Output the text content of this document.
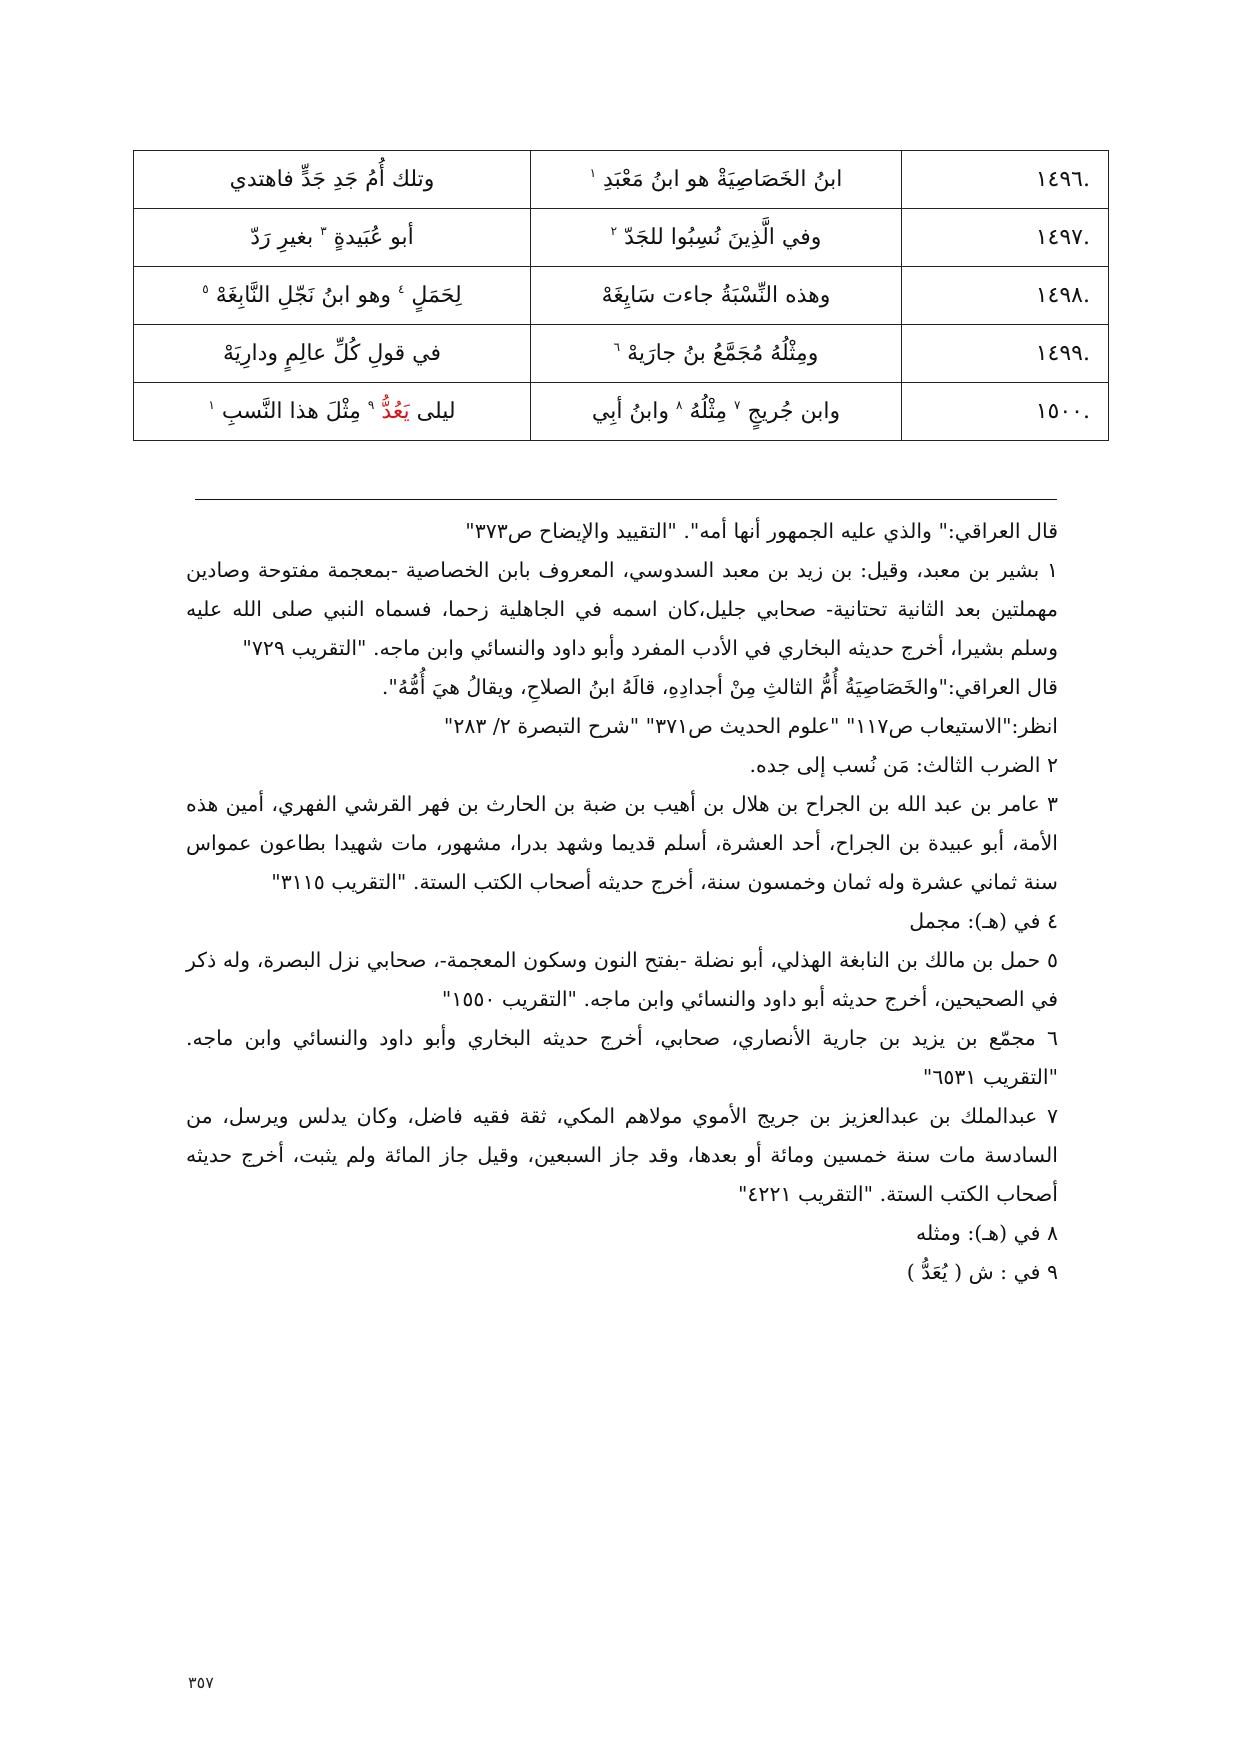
.١٤٩٦	ابنُ الخَصَاصِيَةْ هو ابنُ مَعْبَدِ $^١$	وتلك أُمُ جَدِ جَدٍّ فاهتدي
.١٤٩٧	وفي الَّذِينَ نُسِبُوا للجَدّ $^٢$	أبو عُبَيدةٍ $^٣$ بغيرِ رَدّ
.١٤٩٨	وهذه النِّسْبَةُ جاءت سَايِغَهْ	لِحَمَلٍ $^٤$ وهو ابنُ نَجّلِ النَّابِغَهْ $^٥$
.١٤٩٩	ومِثْلُهُ مُجَمَّعُ بنُ جارَيهْ $^٦$	في قولِ كُلِّ عالِمٍ ودارِيَهْ
.١٥٠٠	وابن جُريجٍ $^٧$ مِثْلُهُ $^٨$ وابنُ أبِي	ليلى يَعُدُّ $^٩$ مِثْلَ هذا النَّسبِ $^١$

قال العراقي:" والذي عليه الجمهور أنها أمه". "التقييد والإيضاح ص٣٧٣"

١ بشير بن معبد، وقيل: بن زيد بن معبد السدوسي، المعروف بابن الخصاصية -بمعجمة مفتوحة وصادين مهملتين بعد الثانية تحتانية- صحابي جليل،كان اسمه في الجاهلية زحما، فسماه النبي صلى الله عليه وسلم بشيرا، أخرج حديثه البخاري في الأدب المفرد وأبو داود والنسائي وابن ماجه. "التقريب ٧٢٩"

قال العراقي:"والخَصَاصِيَةُ أُمُّ الثالثِ مِنْ أجدادِهِ، قالَهُ ابنُ الصلاحِ، ويقالُ هيَ أُمُّهُ".

انظر:"الاستيعاب ص١١٧" "علوم الحديث ص٣٧١" "شرح التبصرة ٢/ ٢٨٣"

٢ الضرب الثالث: مَن نُسب إلى جده.

٣ عامر بن عبد الله بن الجراح بن هلال بن أهيب بن ضبة بن الحارث بن فهر القرشي الفهري، أمين هذه الأمة، أبو عبيدة بن الجراح، أحد العشرة، أسلم قديما وشهد بدرا، مشهور، مات شهيدا بطاعون عمواس سنة ثماني عشرة وله ثمان وخمسون سنة، أخرج حديثه أصحاب الكتب الستة. "التقريب ٣١١٥"

٤ في (هـ): مجمل

٥ حمل بن مالك بن النابغة الهذلي، أبو نضلة -بفتح النون وسكون المعجمة-، صحابي نزل البصرة، وله ذكر في الصحيحين، أخرج حديثه أبو داود والنسائي وابن ماجه. "التقريب ١٥٥٠"

٦ مجمّع بن يزيد بن جارية الأنصاري، صحابي، أخرج حديثه البخاري وأبو داود والنسائي وابن ماجه. "التقريب ٦٥٣١"

٧ عبدالملك بن عبدالعزيز بن جريج الأموي مولاهم المكي، ثقة فقيه فاضل، وكان يدلس ويرسل، من السادسة مات سنة خمسين ومائة أو بعدها، وقد جاز السبعين، وقيل جاز المائة ولم يثبت، أخرج حديثه أصحاب الكتب الستة. "التقريب ٤٢٢١"

٨ في (هـ): ومثله

٩ في : ش ( يُعَدُّ )

٣٥٧
